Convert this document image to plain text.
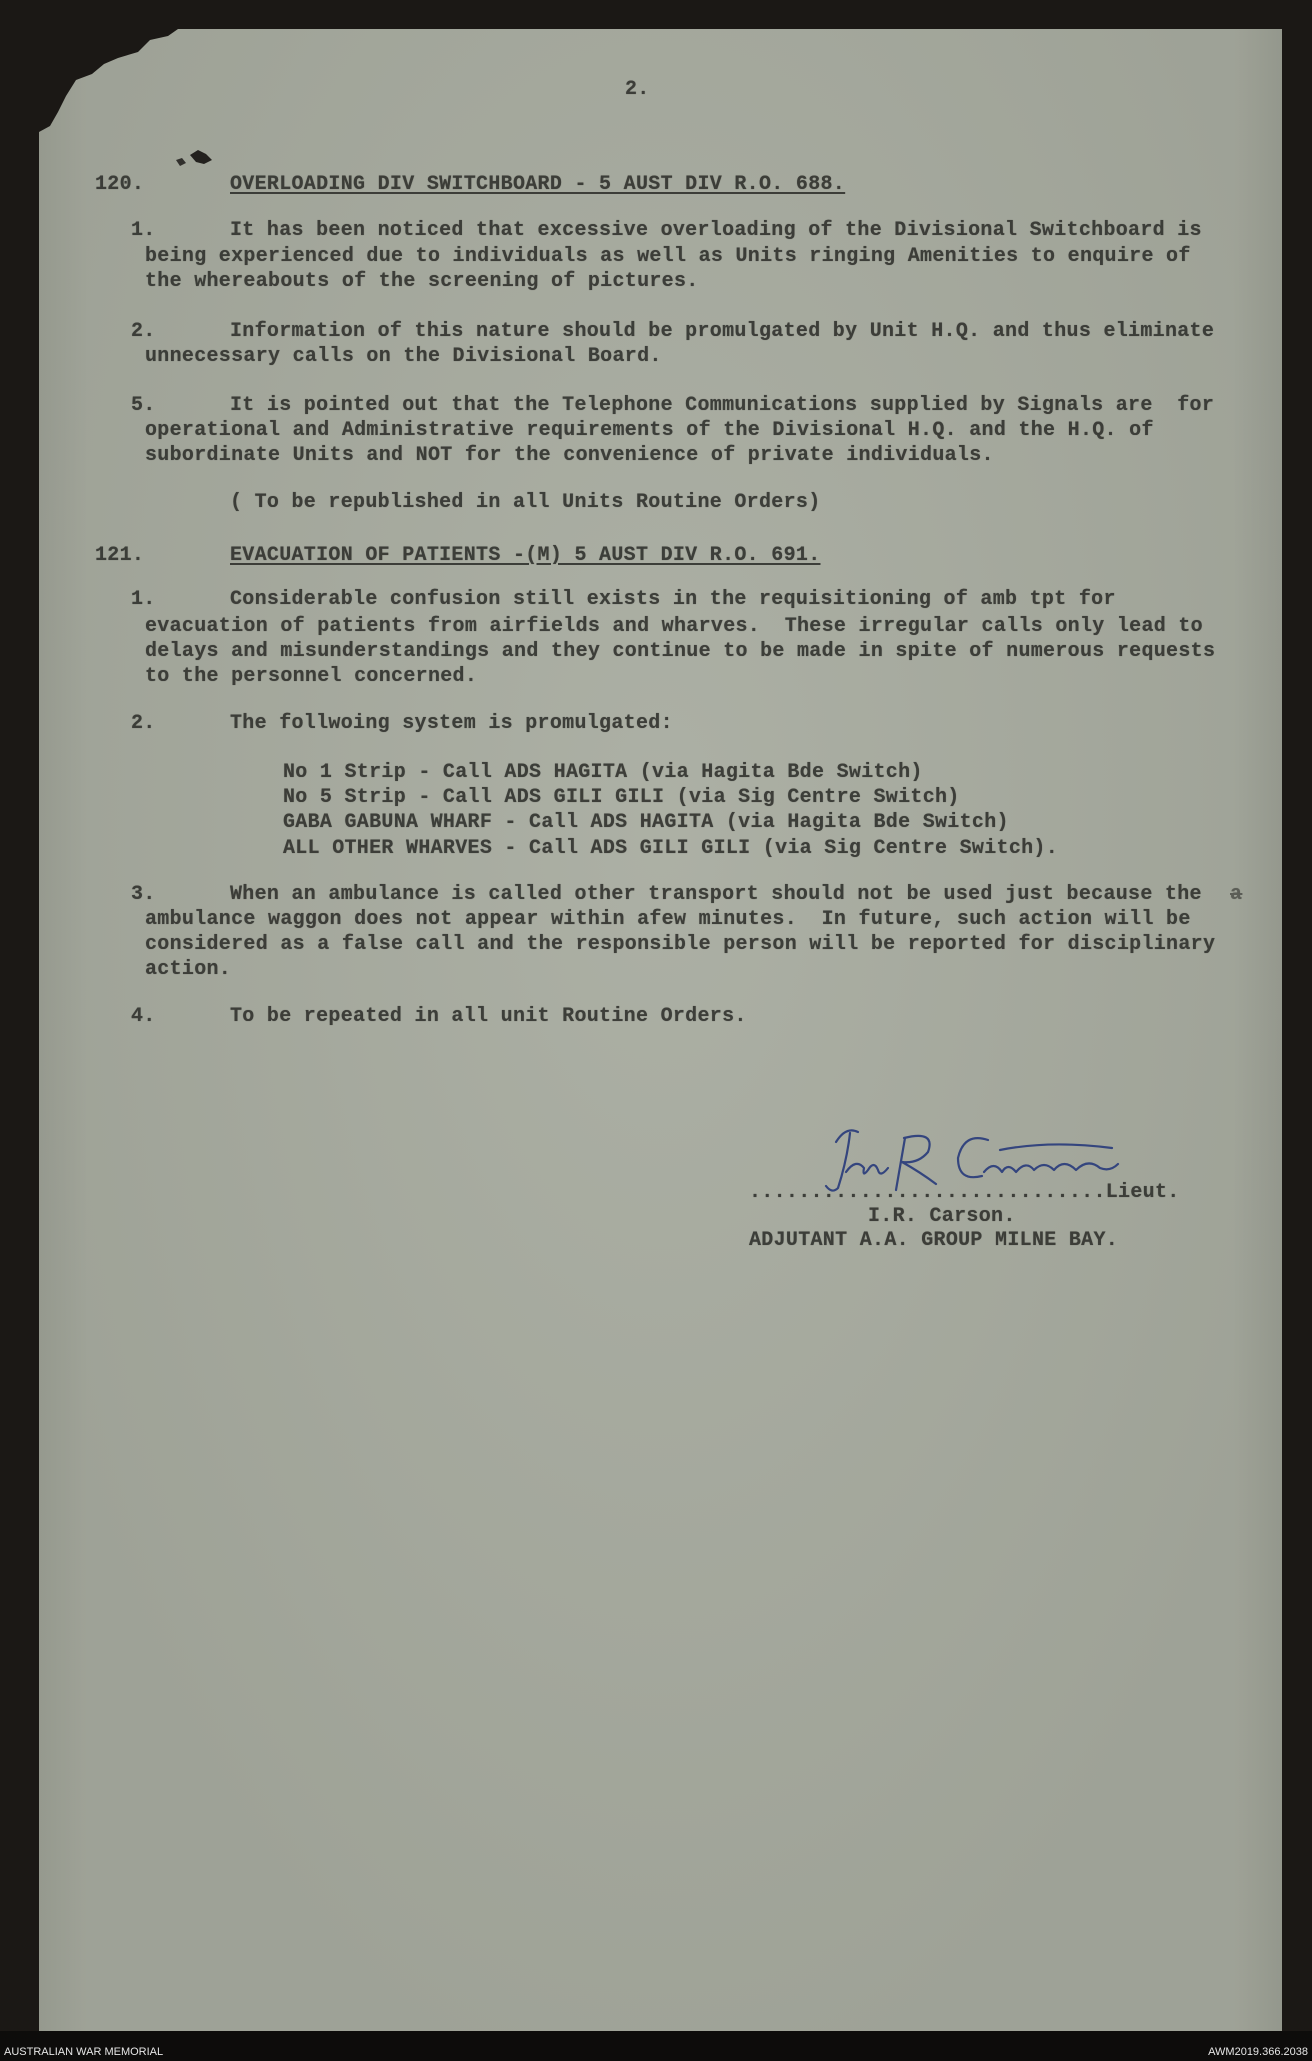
2.
120.	OVERLOADING DIV SWITCHBOARD - 5 AUST DIV R.O. 688.
1.	It has been noticed that excessive overloading of the Divisional Switchboard is
being experienced due to individuals as well as Units ringing Amenities to enquire of
the whereabouts of the screening of pictures.
2.	Information of this nature should be promulgated by Unit H.Q. and thus eliminate
unnecessary calls on the Divisional Board.
5.	It is pointed out that the Telephone Communications supplied by Signals are  for
operational and Administrative requirements of the Divisional H.Q. and the H.Q. of
subordinate Units and NOT for the convenience of private individuals.
( To be republished in all Units Routine Orders)
121.	EVACUATION OF PATIENTS -(M) 5 AUST DIV R.O. 691.
1.	Considerable confusion still exists in the requisitioning of amb tpt for
evacuation of patients from airfields and wharves.  These irregular calls only lead to
delays and misunderstandings and they continue to be made in spite of numerous requests
to the personnel concerned.
2.	The follwoing system is promulgated:
No 1 Strip - Call ADS HAGITA (via Hagita Bde Switch)
No 5 Strip - Call ADS GILI GILI (via Sig Centre Switch)
GABA GABUNA WHARF - Call ADS HAGITA (via Hagita Bde Switch)
ALL OTHER WHARVES - Call ADS GILI GILI (via Sig Centre Switch).
3.	When an ambulance is called other transport should not be used just because the a
ambulance waggon does not appear within afew minutes.  In future, such action will be
considered as a false call and the responsible person will be reported for disciplinary
action.
4.	To be repeated in all unit Routine Orders.
.............................Lieut.
I.R. Carson.
ADJUTANT A.A. GROUP MILNE BAY.
AUSTRALIAN WAR MEMORIAL	AWM2019.366.2038
